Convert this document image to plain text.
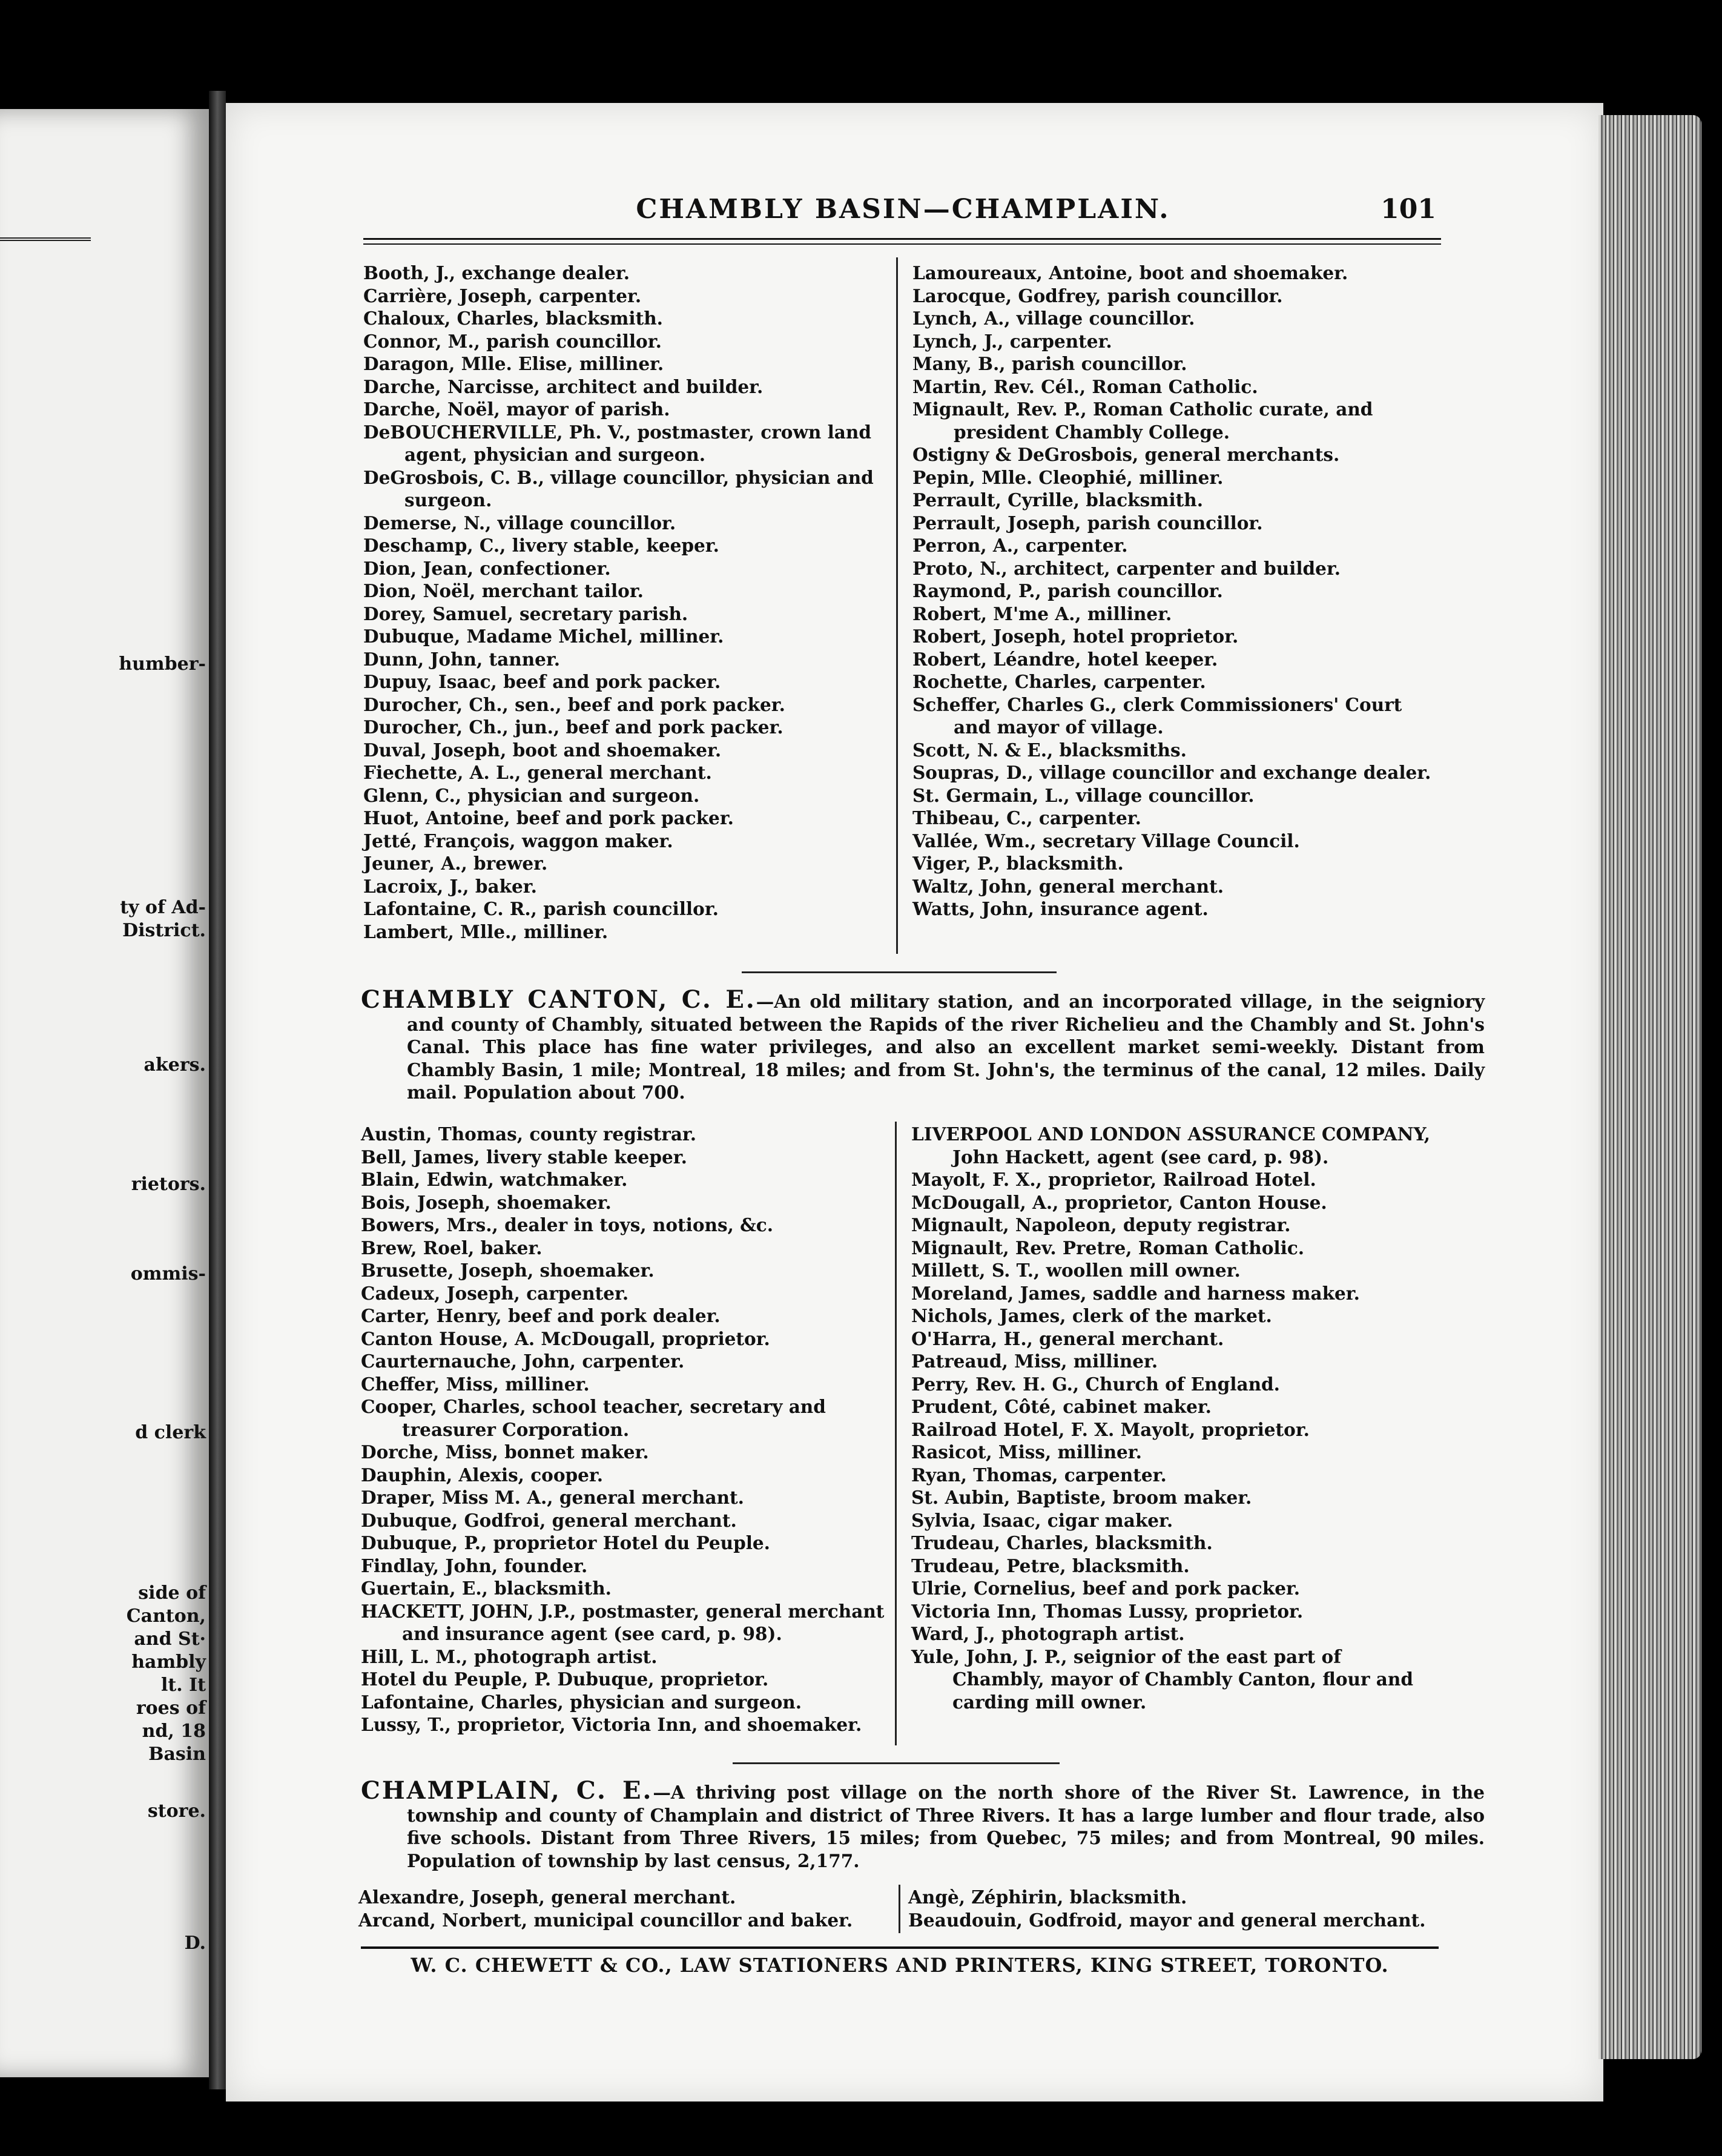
humber-
ty of Ad-
District.
akers.
rietors.
ommis-
d clerk
side of
Canton,
and St·
hambly
lt. It
roes of
nd, 18
Basin
store.
D.
CHAMBLY BASIN—CHAMPLAIN.	101
Booth, J., exchange dealer.
Carrière, Joseph, carpenter.
Chaloux, Charles, blacksmith.
Connor, M., parish councillor.
Daragon, Mlle. Elise, milliner.
Darche, Narcisse, architect and builder.
Darche, Noël, mayor of parish.
DeBOUCHERVILLE, Ph. V., postmaster, crown land agent, physician and surgeon.
DeGrosbois, C. B., village councillor, physician and surgeon.
Demerse, N., village councillor.
Deschamp, C., livery stable, keeper.
Dion, Jean, confectioner.
Dion, Noël, merchant tailor.
Dorey, Samuel, secretary parish.
Dubuque, Madame Michel, milliner.
Dunn, John, tanner.
Dupuy, Isaac, beef and pork packer.
Durocher, Ch., sen., beef and pork packer.
Durocher, Ch., jun., beef and pork packer.
Duval, Joseph, boot and shoemaker.
Fiechette, A. L., general merchant.
Glenn, C., physician and surgeon.
Huot, Antoine, beef and pork packer.
Jetté, François, waggon maker.
Jeuner, A., brewer.
Lacroix, J., baker.
Lafontaine, C. R., parish councillor.
Lambert, Mlle., milliner.
Lamoureaux, Antoine, boot and shoemaker.
Larocque, Godfrey, parish councillor.
Lynch, A., village councillor.
Lynch, J., carpenter.
Many, B., parish councillor.
Martin, Rev. Cél., Roman Catholic.
Mignault, Rev. P., Roman Catholic curate, and president Chambly College.
Ostigny & DeGrosbois, general merchants.
Pepin, Mlle. Cleophié, milliner.
Perrault, Cyrille, blacksmith.
Perrault, Joseph, parish councillor.
Perron, A., carpenter.
Proto, N., architect, carpenter and builder.
Raymond, P., parish councillor.
Robert, M'me A., milliner.
Robert, Joseph, hotel proprietor.
Robert, Léandre, hotel keeper.
Rochette, Charles, carpenter.
Scheffer, Charles G., clerk Commissioners' Court and mayor of village.
Scott, N. & E., blacksmiths.
Soupras, D., village councillor and exchange dealer.
St. Germain, L., village councillor.
Thibeau, C., carpenter.
Vallée, Wm., secretary Village Council.
Viger, P., blacksmith.
Waltz, John, general merchant.
Watts, John, insurance agent.
CHAMBLY CANTON, C. E.—An old military station, and an incorporated village, in the seigniory and county of Chambly, situated between the Rapids of the river Richelieu and the Chambly and St. John's Canal. This place has fine water privileges, and also an excellent market semi-weekly. Distant from Chambly Basin, 1 mile; Montreal, 18 miles; and from St. John's, the terminus of the canal, 12 miles. Daily mail. Population about 700.
Austin, Thomas, county registrar.
Bell, James, livery stable keeper.
Blain, Edwin, watchmaker.
Bois, Joseph, shoemaker.
Bowers, Mrs., dealer in toys, notions, &c.
Brew, Roel, baker.
Brusette, Joseph, shoemaker.
Cadeux, Joseph, carpenter.
Carter, Henry, beef and pork dealer.
Canton House, A. McDougall, proprietor.
Caurternauche, John, carpenter.
Cheffer, Miss, milliner.
Cooper, Charles, school teacher, secretary and treasurer Corporation.
Dorche, Miss, bonnet maker.
Dauphin, Alexis, cooper.
Draper, Miss M. A., general merchant.
Dubuque, Godfroi, general merchant.
Dubuque, P., proprietor Hotel du Peuple.
Findlay, John, founder.
Guertain, E., blacksmith.
HACKETT, JOHN, J.P., postmaster, general merchant and insurance agent (see card, p. 98).
Hill, L. M., photograph artist.
Hotel du Peuple, P. Dubuque, proprietor.
Lafontaine, Charles, physician and surgeon.
Lussy, T., proprietor, Victoria Inn, and shoemaker.
LIVERPOOL AND LONDON ASSURANCE COMPANY, John Hackett, agent (see card, p. 98).
Mayolt, F. X., proprietor, Railroad Hotel.
McDougall, A., proprietor, Canton House.
Mignault, Napoleon, deputy registrar.
Mignault, Rev. Pretre, Roman Catholic.
Millett, S. T., woollen mill owner.
Moreland, James, saddle and harness maker.
Nichols, James, clerk of the market.
O'Harra, H., general merchant.
Patreaud, Miss, milliner.
Perry, Rev. H. G., Church of England.
Prudent, Côté, cabinet maker.
Railroad Hotel, F. X. Mayolt, proprietor.
Rasicot, Miss, milliner.
Ryan, Thomas, carpenter.
St. Aubin, Baptiste, broom maker.
Sylvia, Isaac, cigar maker.
Trudeau, Charles, blacksmith.
Trudeau, Petre, blacksmith.
Ulrie, Cornelius, beef and pork packer.
Victoria Inn, Thomas Lussy, proprietor.
Ward, J., photograph artist.
Yule, John, J. P., seignior of the east part of Chambly, mayor of Chambly Canton, flour and carding mill owner.
CHAMPLAIN, C. E.—A thriving post village on the north shore of the River St. Lawrence, in the township and county of Champlain and district of Three Rivers. It has a large lumber and flour trade, also five schools. Distant from Three Rivers, 15 miles; from Quebec, 75 miles; and from Montreal, 90 miles. Population of township by last census, 2,177.
Alexandre, Joseph, general merchant.
Arcand, Norbert, municipal councillor and baker.
Angè, Zéphirin, blacksmith.
Beaudouin, Godfroid, mayor and general merchant.
W. C. CHEWETT & CO., LAW STATIONERS AND PRINTERS, KING STREET, TORONTO.
